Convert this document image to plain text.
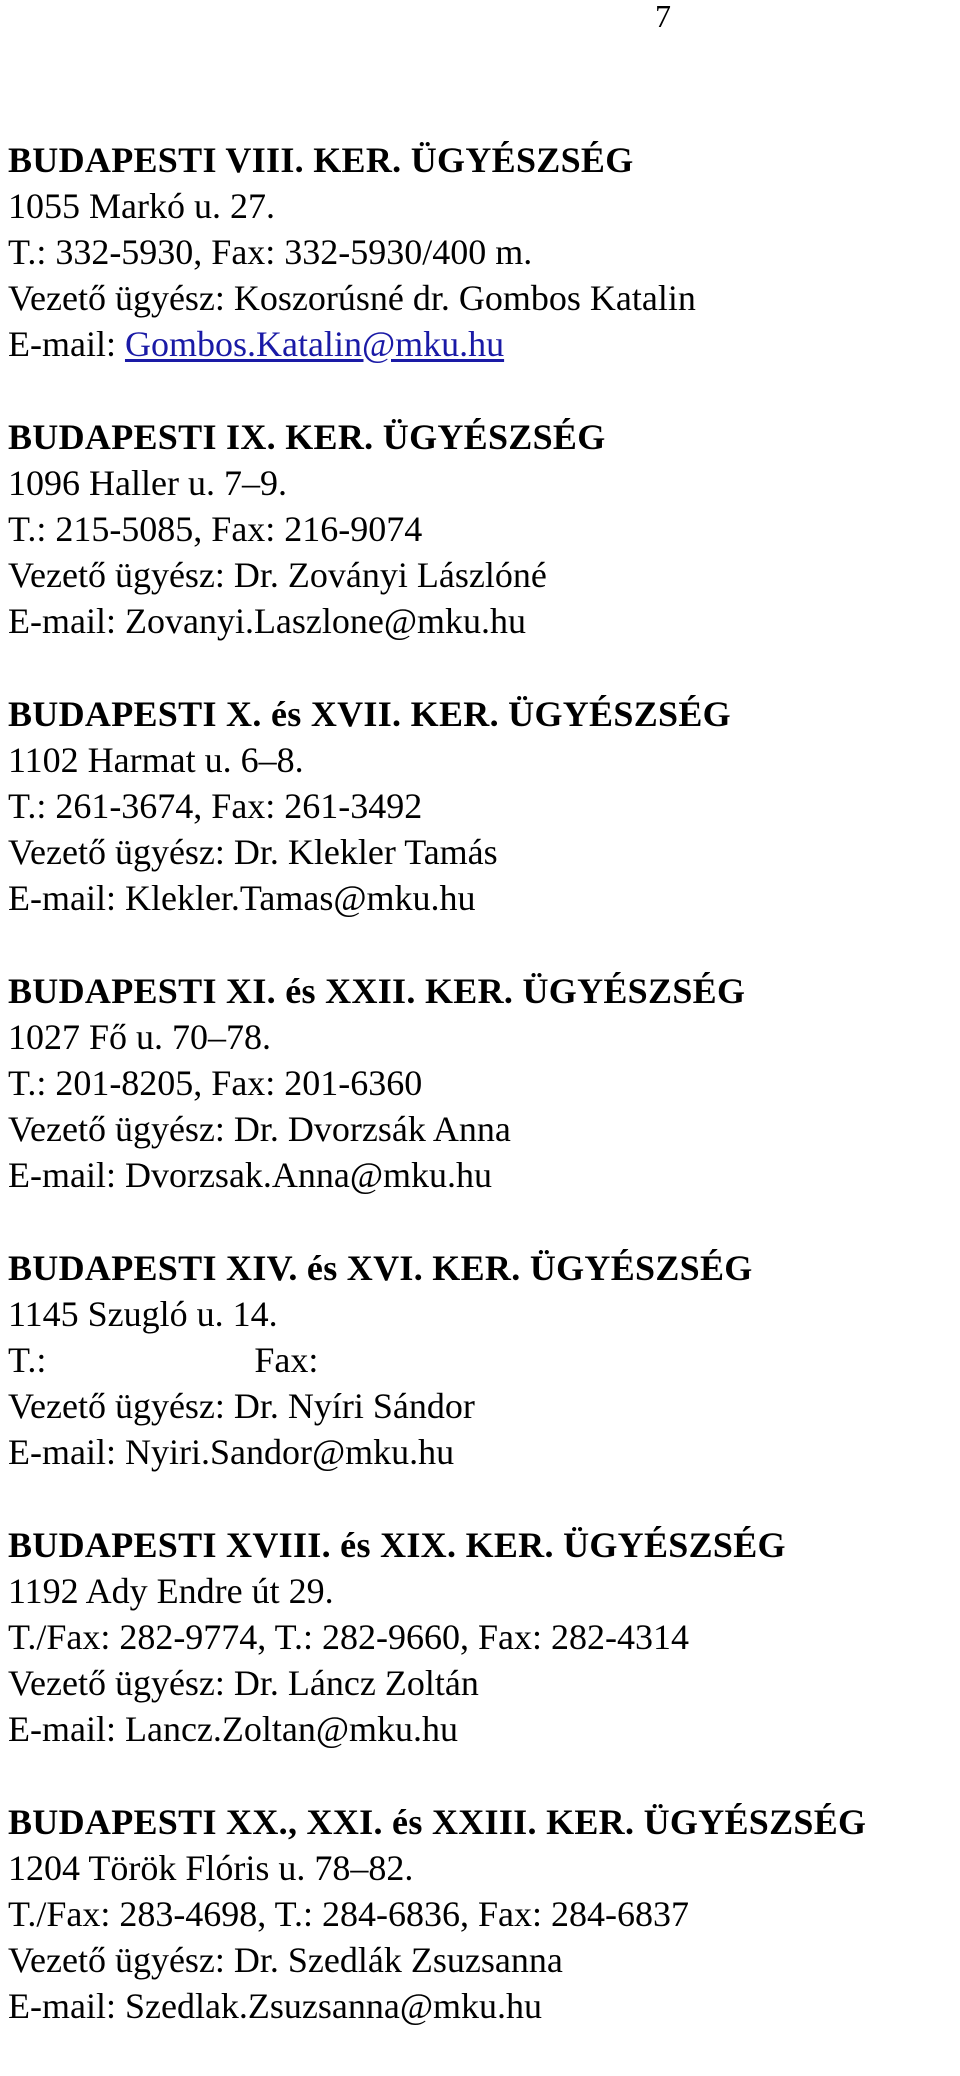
7
BUDAPESTI VIII. KER. ÜGYÉSZSÉG
1055 Markó u. 27.
T.: 332-5930, Fax: 332-5930/400 m.
Vezető ügyész: Koszorúsné dr. Gombos Katalin
E-mail: Gombos.Katalin@mku.hu
BUDAPESTI IX. KER. ÜGYÉSZSÉG
1096 Haller u. 7–9.
T.: 215-5085, Fax: 216-9074
Vezető ügyész: Dr. Zoványi Lászlóné
E-mail: Zovanyi.Laszlone@mku.hu
BUDAPESTI X. és XVII. KER. ÜGYÉSZSÉG
1102 Harmat u. 6–8.
T.: 261-3674, Fax: 261-3492
Vezető ügyész: Dr. Klekler Tamás
E-mail: Klekler.Tamas@mku.hu
BUDAPESTI XI. és XXII. KER. ÜGYÉSZSÉG
1027 Fő u. 70–78.
T.: 201-8205, Fax: 201-6360
Vezető ügyész: Dr. Dvorzsák Anna
E-mail: Dvorzsak.Anna@mku.hu
BUDAPESTI XIV. és XVI. KER. ÜGYÉSZSÉG
1145 Szugló u. 14.
T.:	Fax:
Vezető ügyész: Dr. Nyíri Sándor
E-mail: Nyiri.Sandor@mku.hu
BUDAPESTI XVIII. és XIX. KER. ÜGYÉSZSÉG
1192 Ady Endre út 29.
T./Fax: 282-9774, T.: 282-9660, Fax: 282-4314
Vezető ügyész: Dr. Láncz Zoltán
E-mail: Lancz.Zoltan@mku.hu
BUDAPESTI XX., XXI. és XXIII. KER. ÜGYÉSZSÉG
1204 Török Flóris u. 78–82.
T./Fax: 283-4698, T.: 284-6836, Fax: 284-6837
Vezető ügyész: Dr. Szedlák Zsuzsanna
E-mail: Szedlak.Zsuzsanna@mku.hu
